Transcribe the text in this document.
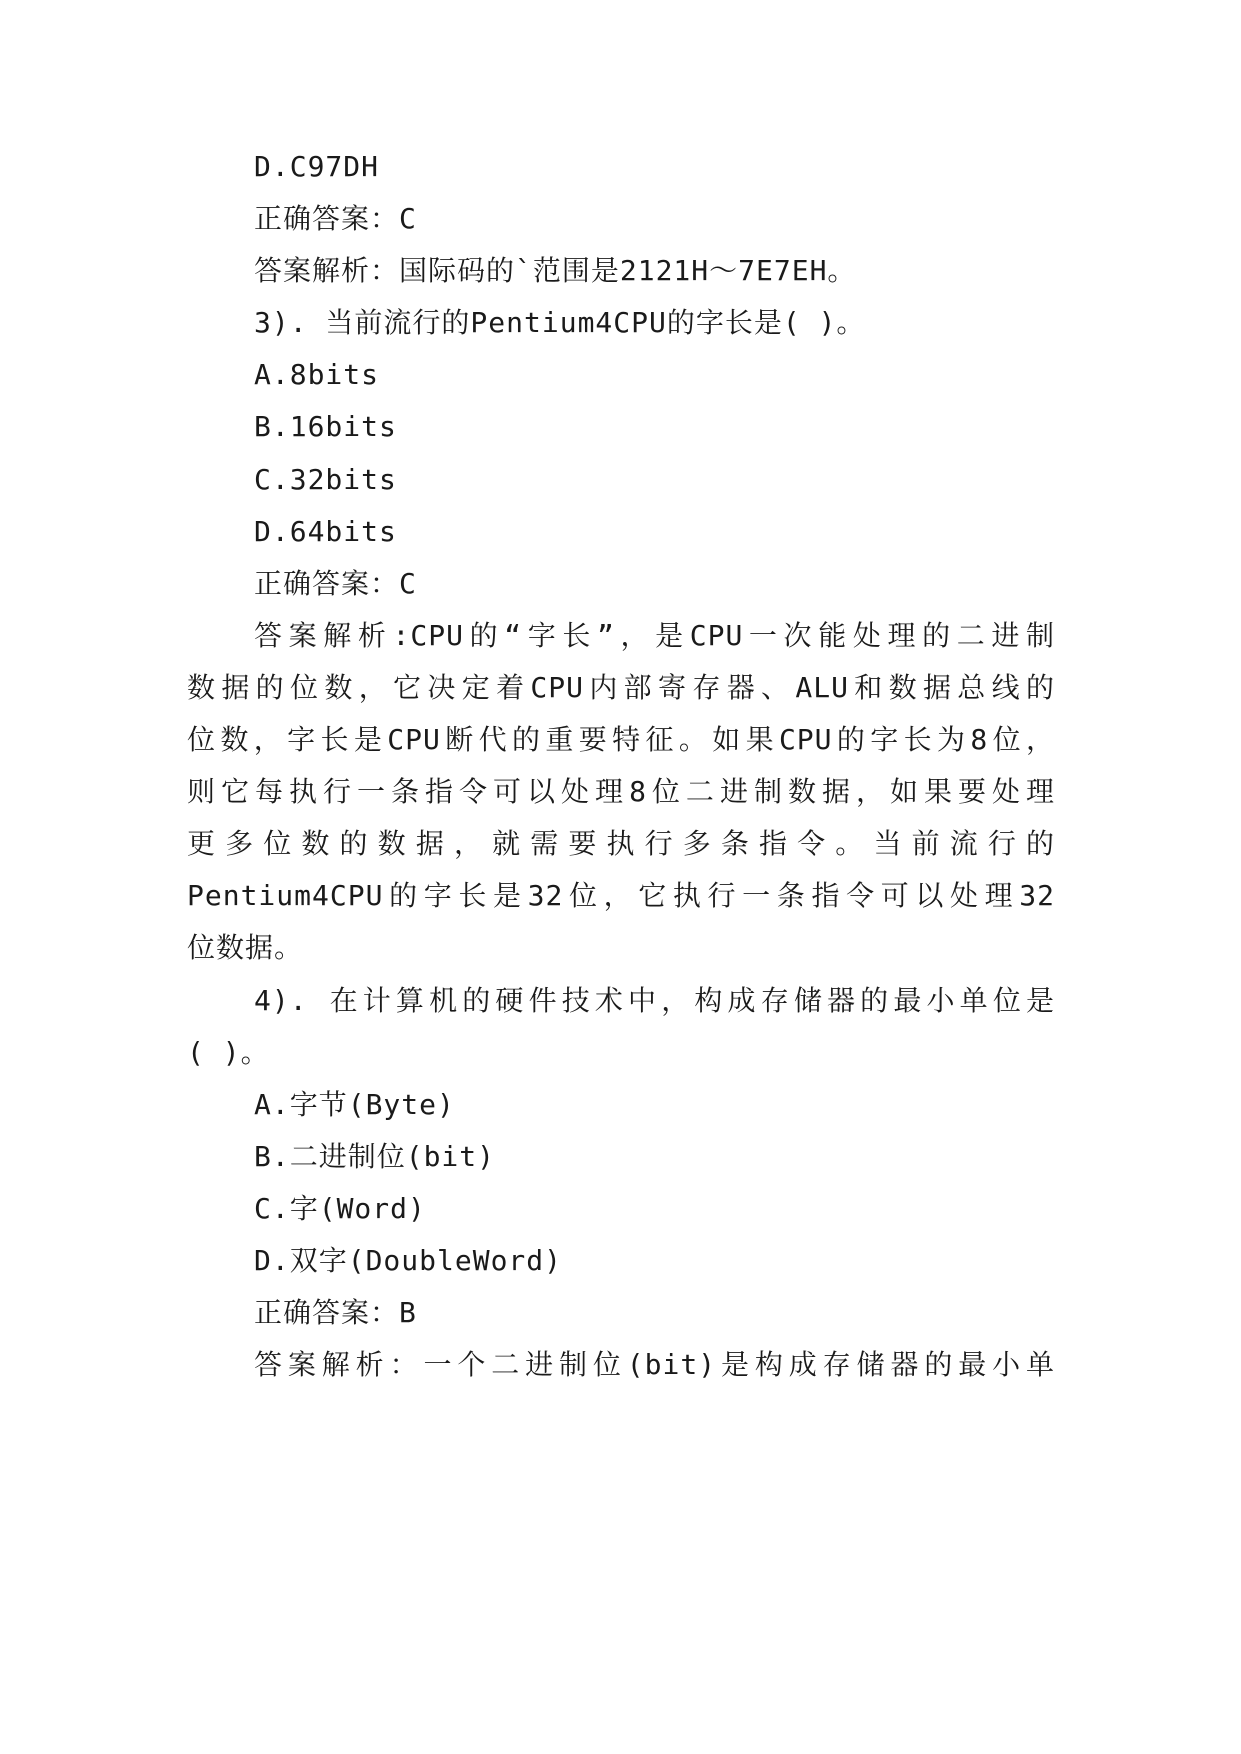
D.C97DH
正确答案：C
答案解析：国际码的`范围是2121H～7E7EH。
3). 当前流行的Pentium4CPU的字长是( )。
A.8bits
B.16bits
C.32bits
D.64bits
正确答案：C
答案解析:CPU的“字长”，是CPU一次能处理的二进制
数据的位数，它决定着CPU内部寄存器、ALU和数据总线的
位数，字长是CPU断代的重要特征。如果CPU的字长为8位，
则它每执行一条指令可以处理8位二进制数据，如果要处理
更多位数的数据，就需要执行多条指令。当前流行的
Pentium4CPU的字长是32位，它执行一条指令可以处理32
位数据。
4). 在计算机的硬件技术中，构成存储器的最小单位是
( )。
A.字节(Byte)
B.二进制位(bit)
C.字(Word)
D.双字(DoubleWord)
正确答案：B
答案解析：一个二进制位(bit)是构成存储器的最小单
